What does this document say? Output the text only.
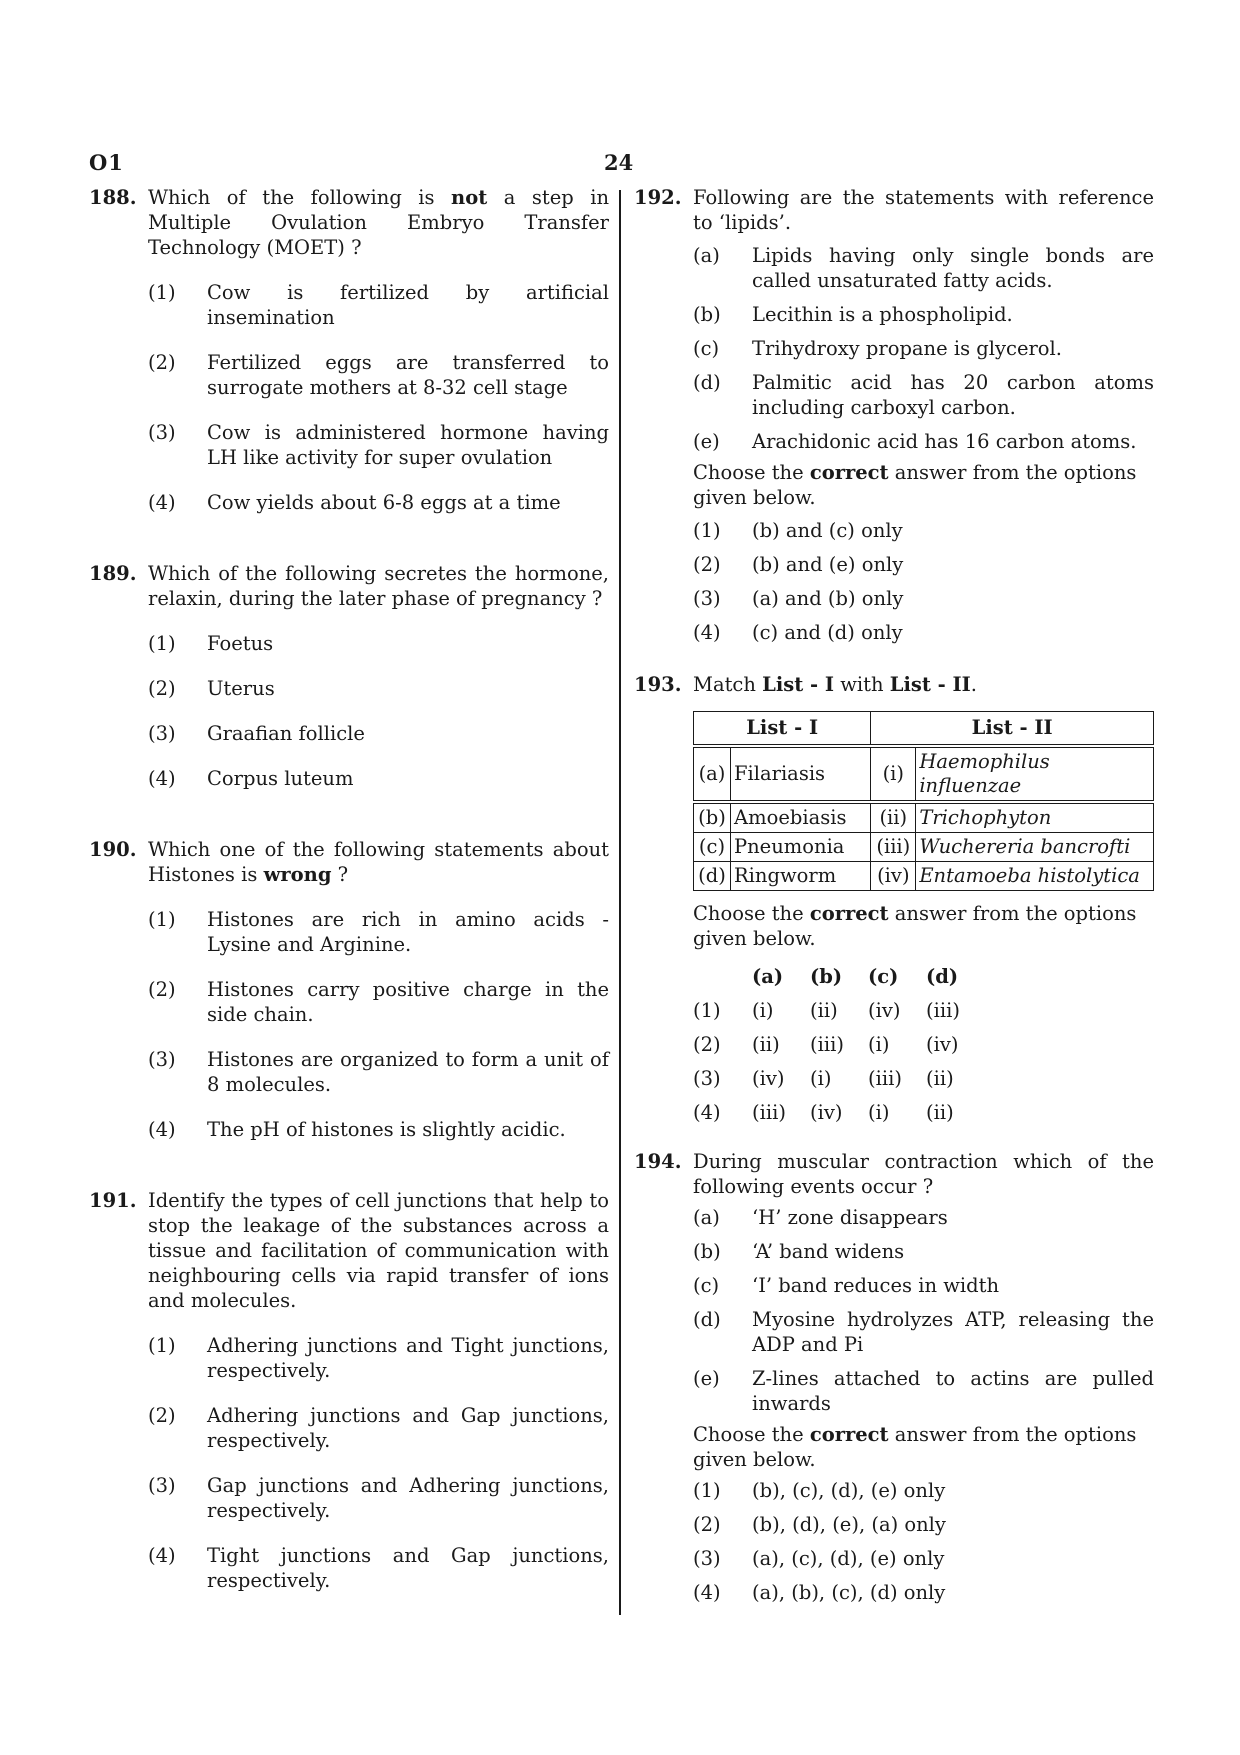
O1	24
188. Which of the following is not a step in Multiple Ovulation Embryo Transfer Technology (MOET) ?
(1)	Cow is fertilized by artificial insemination
(2)	Fertilized eggs are transferred to surrogate mothers at 8-32 cell stage
(3)	Cow is administered hormone having LH like activity for super ovulation
(4)	Cow yields about 6-8 eggs at a time
189. Which of the following secretes the hormone, relaxin, during the later phase of pregnancy ?
(1)	Foetus
(2)	Uterus
(3)	Graafian follicle
(4)	Corpus luteum
190. Which one of the following statements about Histones is wrong ?
(1)	Histones are rich in amino acids - Lysine and Arginine.
(2)	Histones carry positive charge in the side chain.
(3)	Histones are organized to form a unit of 8 molecules.
(4)	The pH of histones is slightly acidic.
191. Identify the types of cell junctions that help to stop the leakage of the substances across a tissue and facilitation of communication with neighbouring cells via rapid transfer of ions and molecules.
(1)	Adhering junctions and Tight junctions, respectively.
(2)	Adhering junctions and Gap junctions, respectively.
(3)	Gap junctions and Adhering junctions, respectively.
(4)	Tight junctions and Gap junctions, respectively.
192. Following are the statements with reference to ‘lipids’.
(a)	Lipids having only single bonds are called unsaturated fatty acids.
(b)	Lecithin is a phospholipid.
(c)	Trihydroxy propane is glycerol.
(d)	Palmitic acid has 20 carbon atoms including carboxyl carbon.
(e)	Arachidonic acid has 16 carbon atoms.
Choose the correct answer from the options given below.
(1)	(b) and (c) only
(2)	(b) and (e) only
(3)	(a) and (b) only
(4)	(c) and (d) only
193. Match List - I with List - II.
List - I		List - II	

(a)	Filariasis	(i)	Haemophilus influenzae

(b)	Amoebiasis	(ii)	Trichophyton
(c)	Pneumonia	(iii)	Wuchereria bancrofti
(d)	Ringworm	(iv)	Entamoeba histolytica
Choose the correct answer from the options given below.
(a)	(b)	(c)	(d)
(1)	(i)	(ii)	(iv)	(iii)
(2)	(ii)	(iii)	(i)	(iv)
(3)	(iv)	(i)	(iii)	(ii)
(4)	(iii)	(iv)	(i)	(ii)
194. During muscular contraction which of the following events occur ?
(a)	‘H’ zone disappears
(b)	‘A’ band widens
(c)	‘I’ band reduces in width
(d)	Myosine hydrolyzes ATP, releasing the ADP and Pi
(e)	Z-lines attached to actins are pulled inwards
Choose the correct answer from the options given below.
(1)	(b), (c), (d), (e) only
(2)	(b), (d), (e), (a) only
(3)	(a), (c), (d), (e) only
(4)	(a), (b), (c), (d) only
